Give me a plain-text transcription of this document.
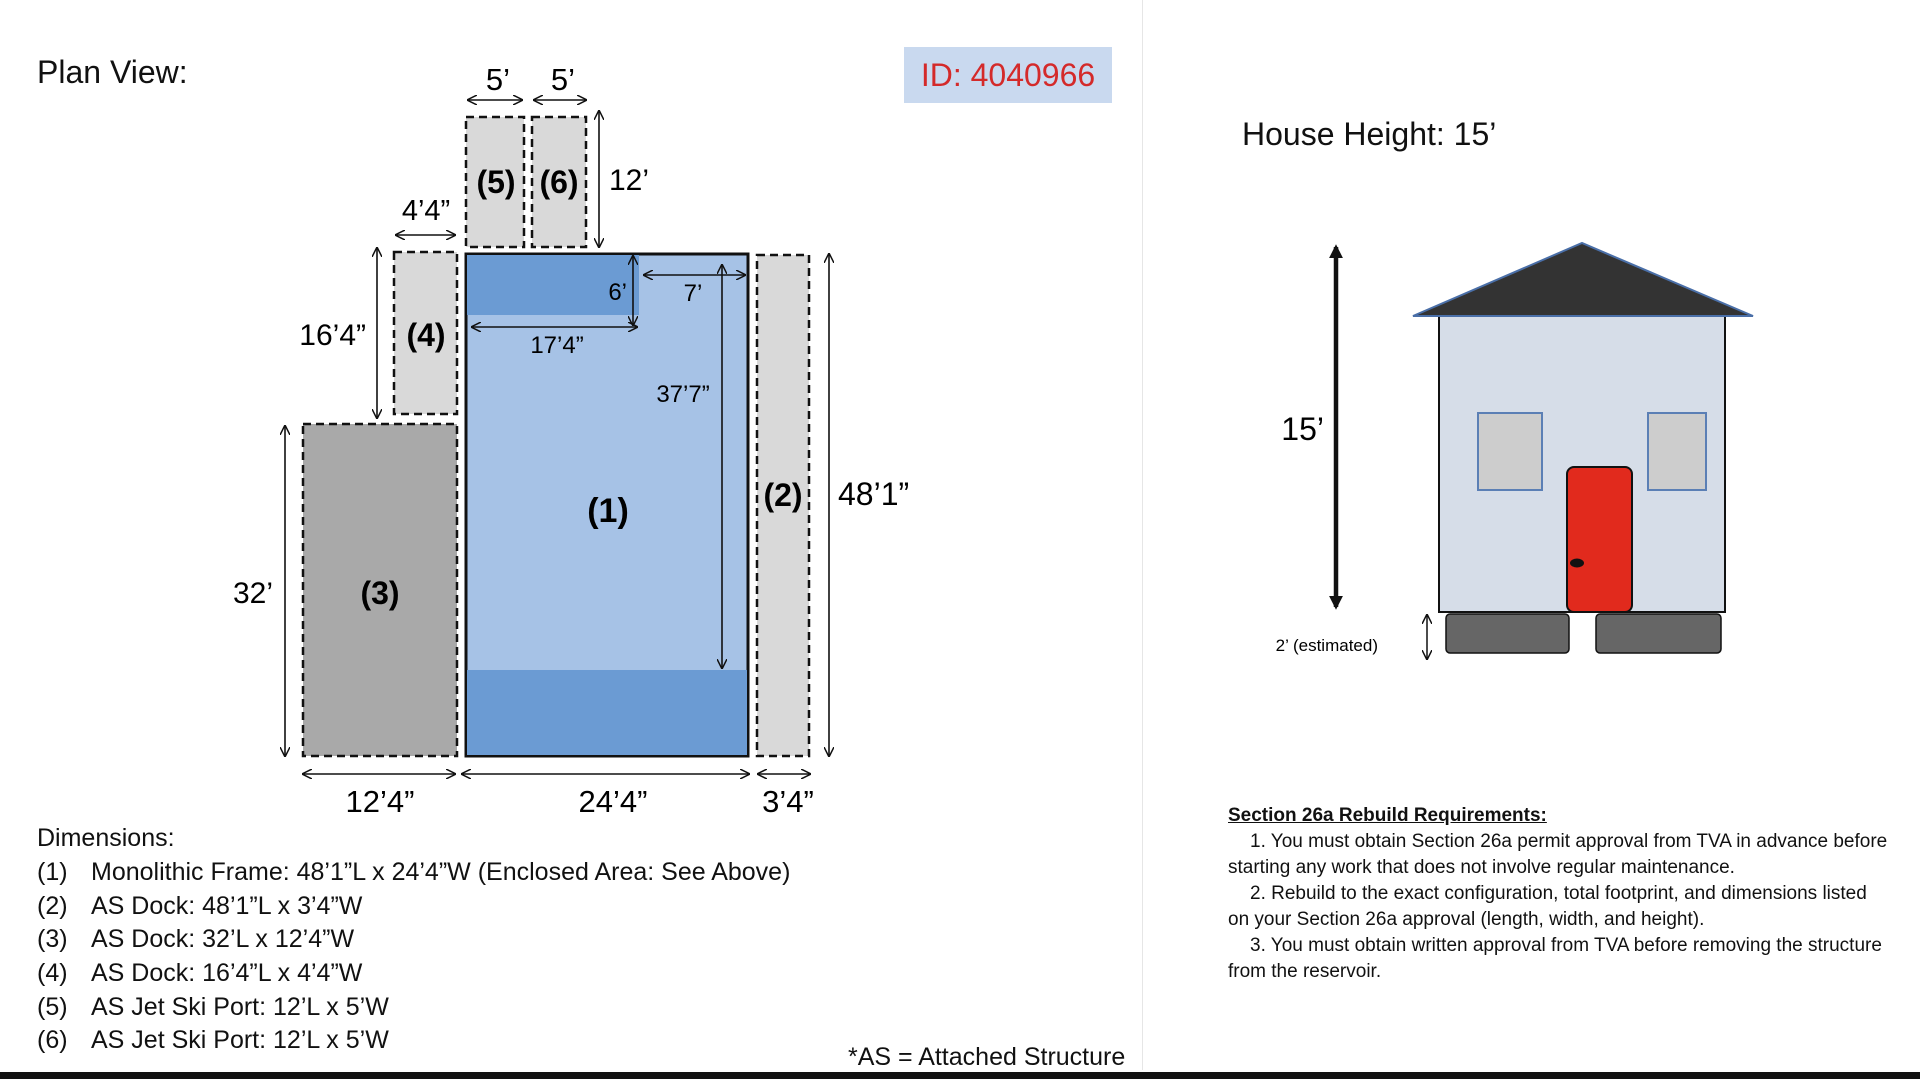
Plan View:	ID: 4040966
(1)	(2)
(3)
(4)
(5) (6)
5’ 5’
12’
4’4”
16’4”
32’
48’1”
6’ 7’
17’4”
37’7”
12’4”	24’4”	3’4”
House Height: 15’
15’
2’ (estimated)
Dimensions:
(1) Monolithic Frame: 48’1”L x 24’4”W (Enclosed Area: See Above)
(2) AS Dock: 48’1”L x 3’4”W
(3) AS Dock: 32’L x 12’4”W
(4) AS Dock: 16’4”L x 4’4”W
(5) AS Jet Ski Port: 12’L x 5’W
(6) AS Jet Ski Port: 12’L x 5’W
*AS = Attached Structure
Section 26a Rebuild Requirements:
1. You must obtain Section 26a permit approval from TVA in advance before starting any work that does not involve regular maintenance.
2. Rebuild to the exact configuration, total footprint, and dimensions listed on your Section 26a approval (length, width, and height).
3. You must obtain written approval from TVA before removing the structure from the reservoir.
